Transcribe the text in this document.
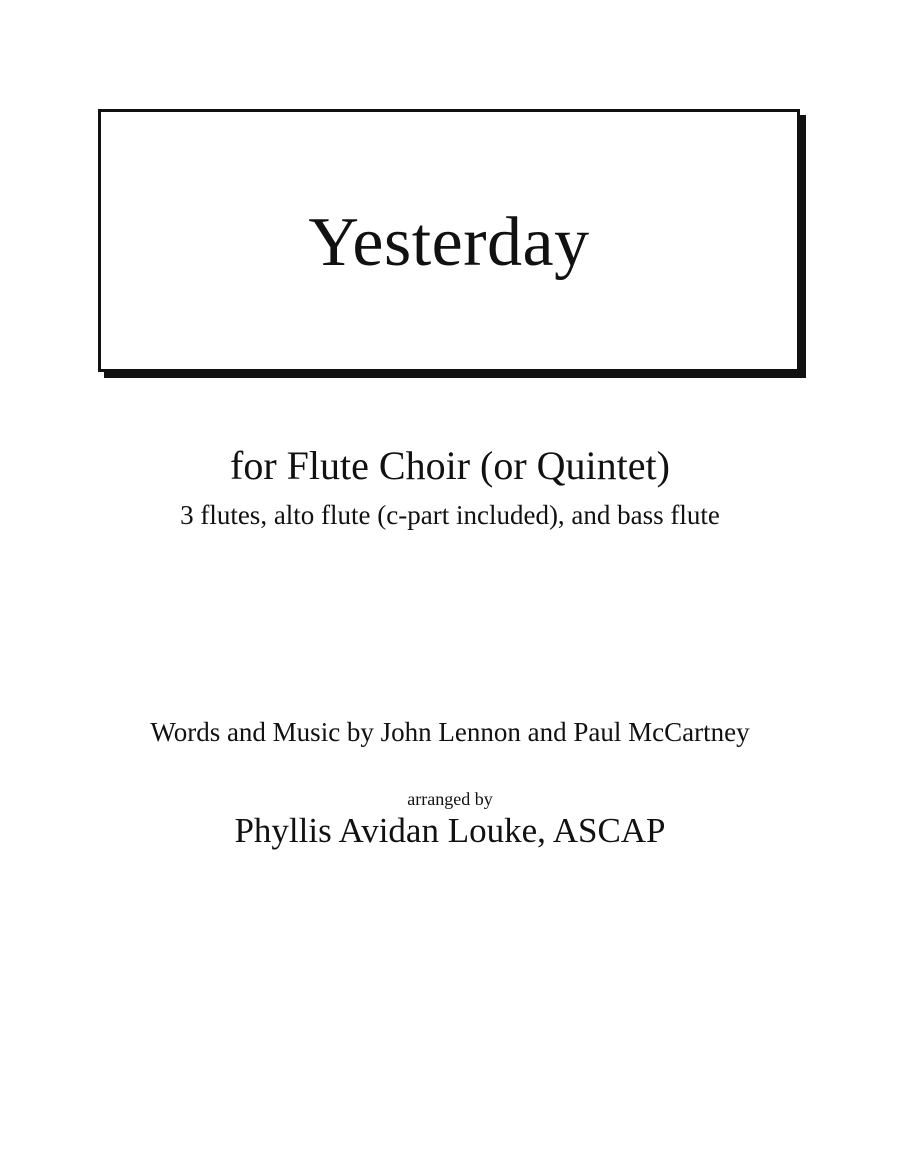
Yesterday
for Flute Choir (or Quintet)
3 flutes, alto flute (c-part included), and bass flute
Words and Music by John Lennon and Paul McCartney
arranged by
Phyllis Avidan Louke, ASCAP
